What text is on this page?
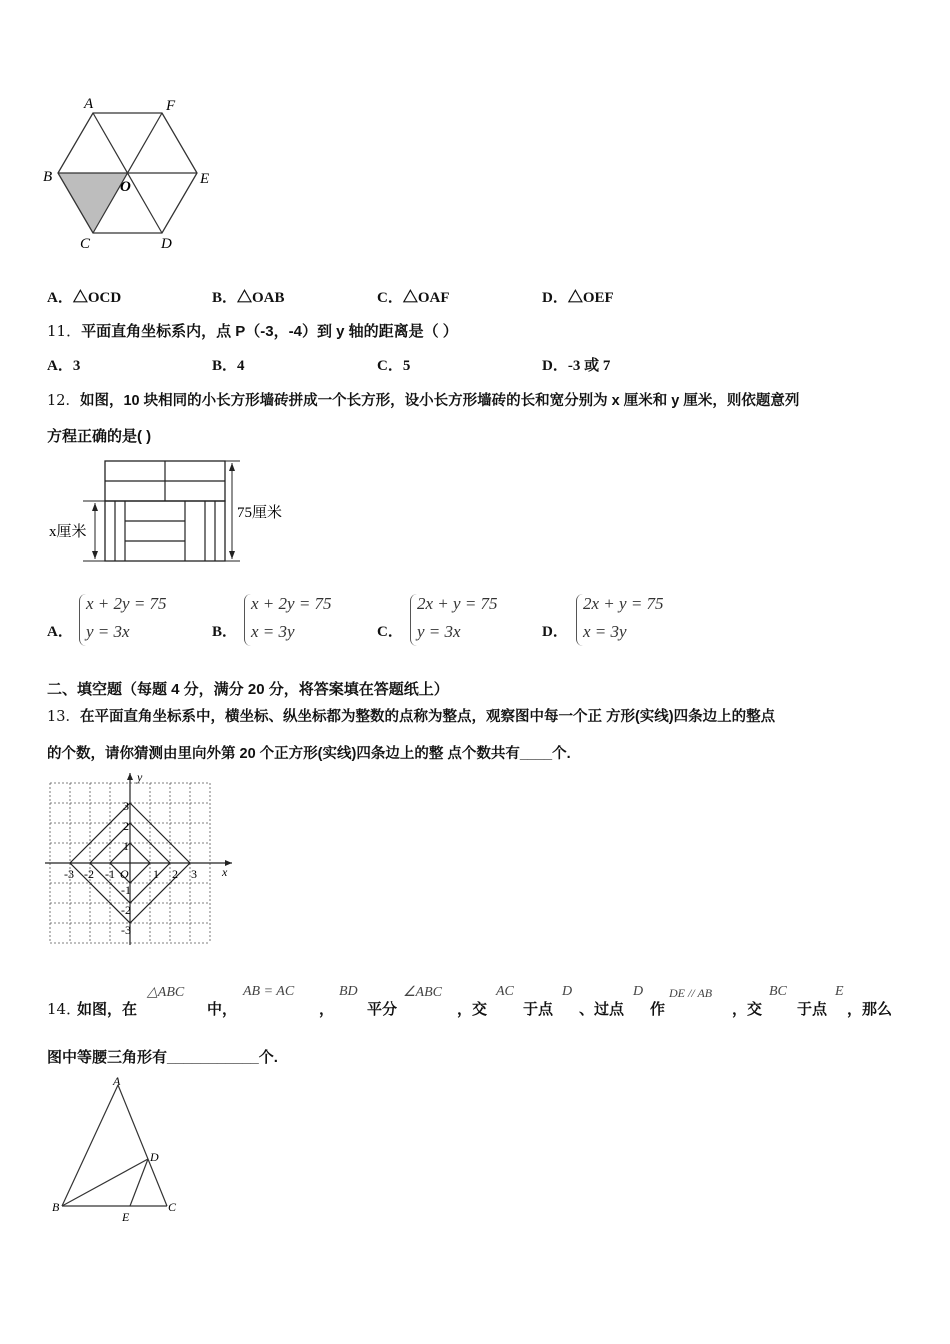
A	F
B
O	E
C	D
A．△OCD	B．△OAB	C．△OAF	D．△OEF
11．平面直角坐标系内，点 P（-3，-4）到 y 轴的距离是（ ）
A．3	B．4	C．5	D．-3 或 7
12．如图，10 块相同的小长方形墙砖拼成一个长方形，设小长方形墙砖的长和宽分别为 x 厘米和 y 厘米，则依题意列
方程正确的是( )
x厘米
75厘米
A．
x + 2y = 75
y = 3x	B．
x + 2y = 75
x = 3y	C．
2x + y = 75
y = 3x	D．
2x + y = 75
x = 3y
二、填空题（每题 4 分，满分 20 分，将答案填在答题纸上）
13．在平面直角坐标系中，横坐标、纵坐标都为整数的点称为整点，观察图中每一个正 方形(实线)四条边上的整点
的个数，请你猜测由里向外第 20 个正方形(实线)四条边上的整 点个数共有____个.
y
x
O
-3 -2 -1	1 2 3
3
2
1
-1
-2
-3
14．
如图，在
△ABC
中，
AB = AC
，
BD
平分
∠ABC
，交
AC
于点
D
、过点
D
作
DE // AB
，交
BC
于点
E
，那么
图中等腰三角形有___________个.
A
D
B	C
E
